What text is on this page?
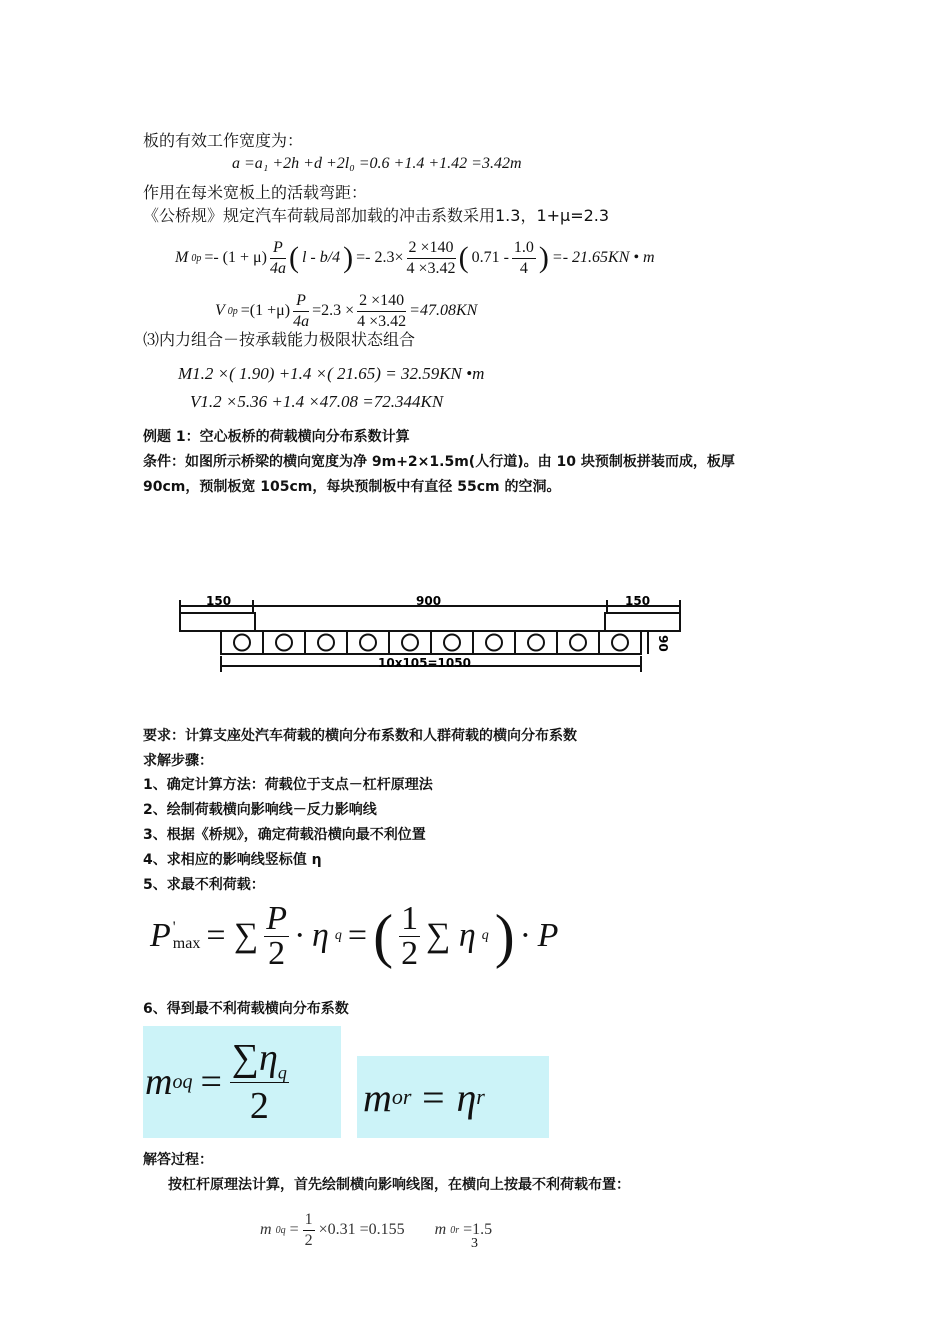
板的有效工作宽度为：
a =a₁ +2h +d +2l₀ =0.6 +1.4 +1.42 =3.42m
作用在每米宽板上的活载弯距：
《公桥规》规定汽车荷载局部加载的冲击系数采用1.3，1+μ=2.3
M $0p =- (1 + \mu) \frac{P}{4a}$ ( l - b/4 ) =- $2.3\times \frac{2 \times 140}{4 \times 3.42}$ ( $0.71 - \frac{1.0}{4}$ ) =- 21.65KN • m
V $0p =(1 +\mu) \frac{P}{4a} =2.3 \times \frac{2 \times 140}{4 \times 3.42} =47.08KN$
⑶内力组合－按承载能力极限状态组合
M1.2 ×( 1.90) +1.4 ×( 21.65) = 32.59KN •m
V1.2 ×5.36 +1.4 ×47.08 =72.344KN
例题 1：空心板桥的荷载横向分布系数计算
条件：如图所示桥梁的横向宽度为净 9m+2×1.5m(人行道)。由 10 块预制板拼装而成，板厚
90cm，预制板宽 105cm，每块预制板中有直径 55cm 的空洞。
150	900	150
10x105=1050
90
要求：计算支座处汽车荷载的横向分布系数和人群荷载的横向分布系数
求解步骤：
1、确定计算方法：荷载位于支点－杠杆原理法
2、绘制荷载横向影响线－反力影响线
3、根据《桥规》，确定荷载沿横向最不利位置
4、求相应的影响线竖标值 η
5、求最不利荷载：
P '
max = ∑ $\frac{P}{2} \cdot \eta$ q = ( $\frac{1}{2}$ ∑ η q ) · P
6、得到最不利荷载横向分布系数
m oq = $\frac{\sum\eta_q}{2}$ m or = η r
解答过程：
按杠杆原理法计算，首先绘制横向影响线图，在横向上按最不利荷载布置：
m $0q = \frac{1}{2} \times 0.31 =0.155$ m 0r =1.5
3
